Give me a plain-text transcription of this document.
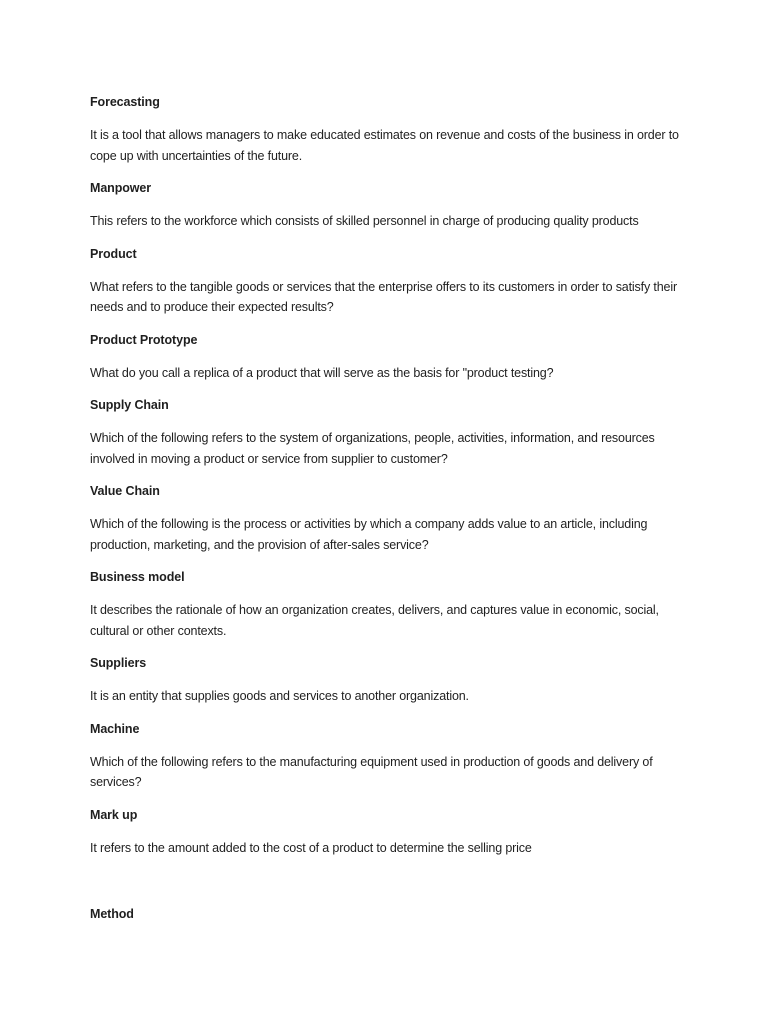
Forecasting
It is a tool that allows managers to make educated estimates on revenue and costs of the business in order to cope up with uncertainties of the future.
Manpower
This refers to the workforce which consists of skilled personnel in charge of producing quality products
Product
What refers to the tangible goods or services that the enterprise offers to its customers in order to satisfy their needs and to produce their expected results?
Product Prototype
What do you call a replica of a product that will serve as the basis for "product testing?
Supply Chain
Which of the following refers to the system of organizations, people, activities, information, and resources involved in moving a product or service from supplier to customer?
Value Chain
Which of the following is the process or activities by which a company adds value to an article, including production, marketing, and the provision of after-sales service?
Business model
It describes the rationale of how an organization creates, delivers, and captures value in economic, social, cultural or other contexts.
Suppliers
It is an entity that supplies goods and services to another organization.
Machine
Which of the following refers to the manufacturing equipment used in production of goods and delivery of services?
Mark up
It refers to the amount added to the cost of a product to determine the selling price
Method
